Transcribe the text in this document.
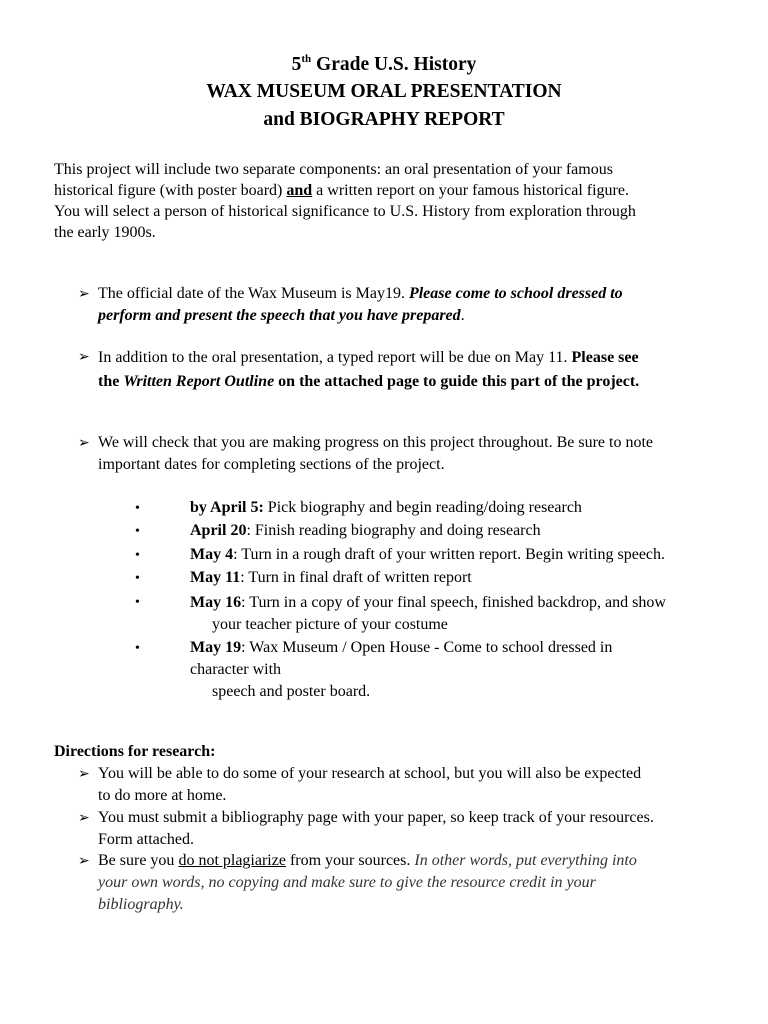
5th Grade U.S. History
WAX MUSEUM ORAL PRESENTATION
and BIOGRAPHY REPORT
This project will include two separate components: an oral presentation of your famous
historical figure (with poster board) and a written report on your famous historical figure.
You will select a person of historical significance to U.S. History from exploration through
the early 1900s.
➢ The official date of the Wax Museum is May19. Please come to school dressed to
perform and present the speech that you have prepared.
➢ In addition to the oral presentation, a typed report will be due on May 11. Please see
the Written Report Outline on the attached page to guide this part of the project.
➢ We will check that you are making progress on this project throughout. Be sure to note
important dates for completing sections of the project.
•	by April 5: Pick biography and begin reading/doing research
•	April 20: Finish reading biography and doing research
•	May 4: Turn in a rough draft of your written report. Begin writing speech.
•	May 11: Turn in final draft of written report
•	May 16: Turn in a copy of your final speech, finished backdrop, and show
your teacher picture of your costume
•	May 19: Wax Museum / Open House - Come to school dressed in
character with
speech and poster board.
Directions for research:
➢ You will be able to do some of your research at school, but you will also be expected
to do more at home.
➢ You must submit a bibliography page with your paper, so keep track of your resources.
Form attached.
➢ Be sure you do not plagiarize from your sources. In other words, put everything into
your own words, no copying and make sure to give the resource credit in your
bibliography.
